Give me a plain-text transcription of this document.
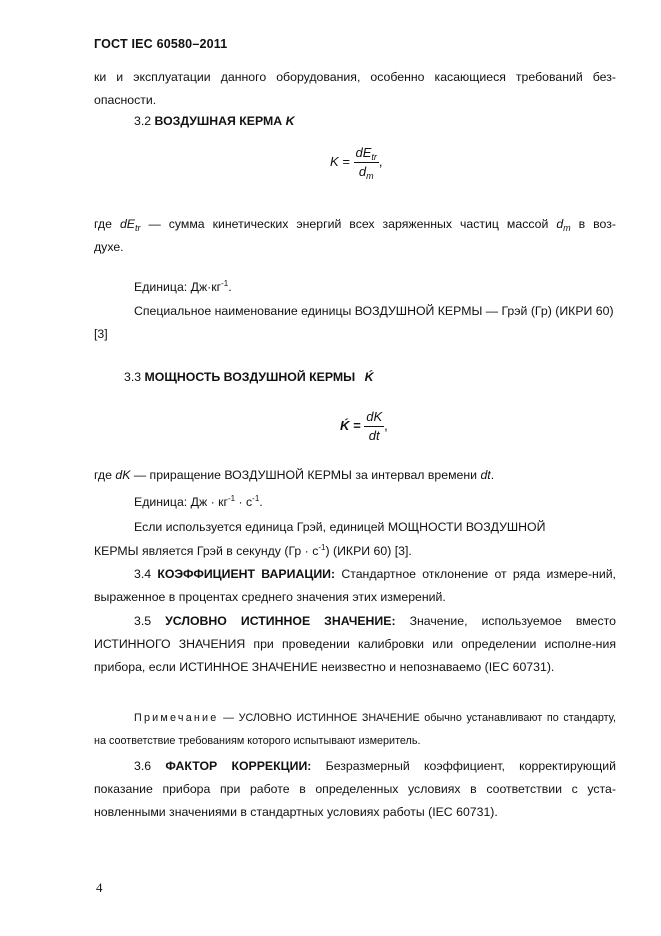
ГОСТ IEC 60580–2011
ки и эксплуатации данного оборудования, особенно касающиеся требований без-опасности.
3.2 ВОЗДУШНАЯ КЕРМА K
$K = \frac{dE_{tr}}{d_m}$ ,
где $dE_{tr}$ — сумма кинетических энергий всех заряженных частиц массой $d_m$ в воз-
духе.
Единица: $Дж\cdot кг^{-1}$.
Специальное наименование единицы ВОЗДУШНОЙ КЕРМЫ — Грэй (Гр) (ИКРИ 60) [3]
3.3 МОЩНОСТЬ ВОЗДУШНОЙ КЕРМЫ Ḱ
Ḱ = $\frac{dK}{dt}$ ,
где dK — приращение ВОЗДУШНОЙ КЕРМЫ за интервал времени dt.
Единица: Дж · $кг^{-1} \cdot с^{-1}$.
Если используется единица Грэй, единицей МОЩНОСТИ ВОЗДУШНОЙ
КЕРМЫ является Грэй в секунду $(Гр \cdot с^{-1})$ (ИКРИ 60) [3].
3.4 КОЭФФИЦИЕНТ ВАРИАЦИИ: Стандартное отклонение от ряда измере-ний, выраженное в процентах среднего значения этих измерений.
3.5 УСЛОВНО ИСТИННОЕ ЗНАЧЕНИЕ: Значение, используемое вместо ИСТИННОГО ЗНАЧЕНИЯ при проведении калибровки или определении исполне-ния прибора, если ИСТИННОЕ ЗНАЧЕНИЕ неизвестно и непознаваемо (IEC 60731).
Примечание — УСЛОВНО ИСТИННОЕ ЗНАЧЕНИЕ обычно устанавливают по стандарту, на соответствие требованиям которого испытывают измеритель.
3.6 ФАКТОР КОРРЕКЦИИ: Безразмерный коэффициент, корректирующий показание прибора при работе в определенных условиях в соответствии с уста-новленными значениями в стандартных условиях работы (IEC 60731).
4
